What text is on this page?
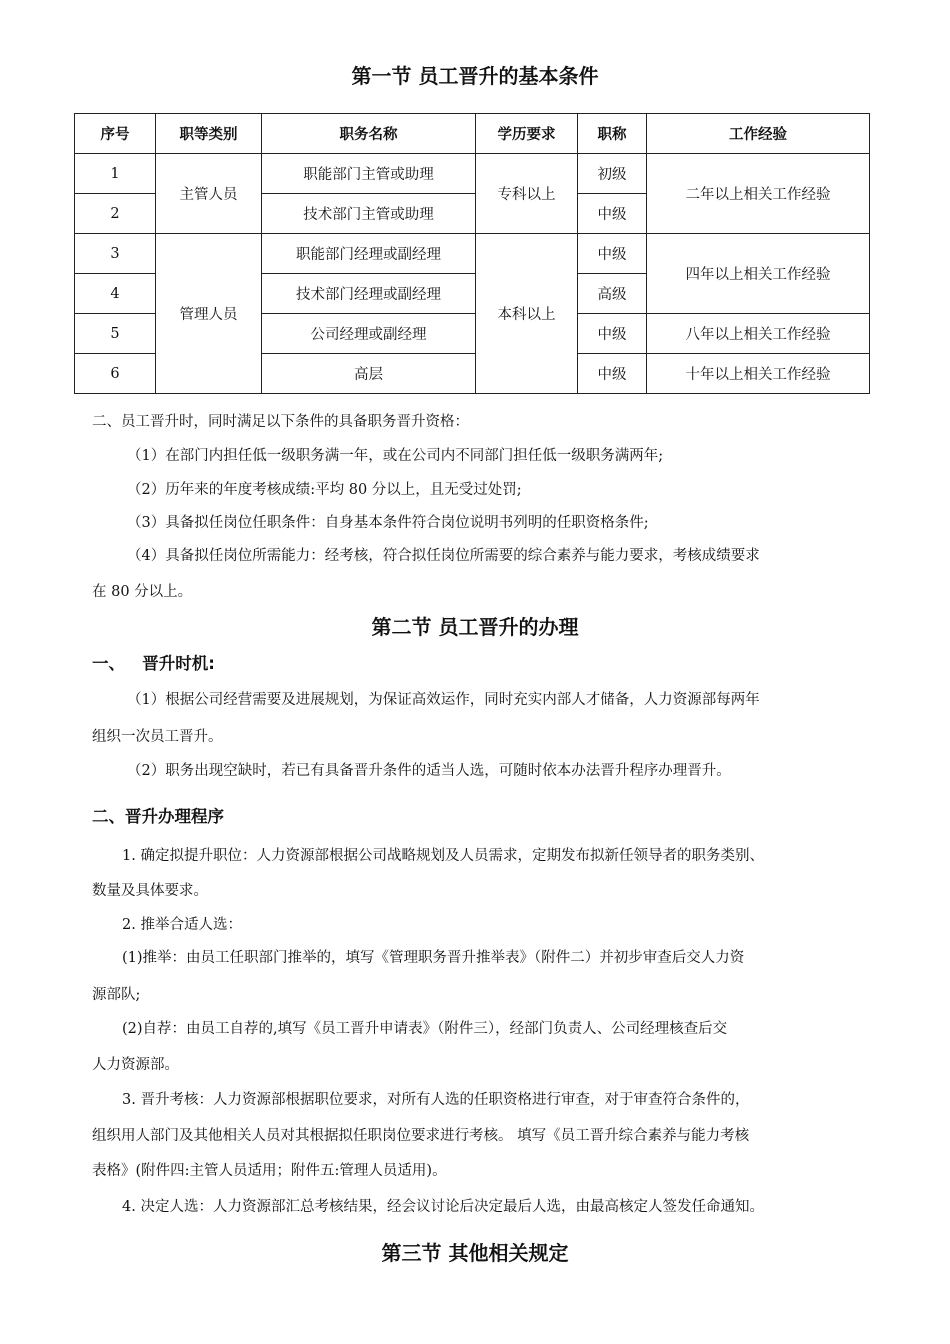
第一节 员工晋升的基本条件
序号	职等类别	职务名称	学历要求	职称	工作经验
1	主管人员	职能部门主管或助理	专科以上	初级	二年以上相关工作经验
2		技术部门主管或助理		中级	
3	管理人员	职能部门经理或副经理	本科以上	中级	四年以上相关工作经验
4		技术部门经理或副经理		高级	
5		公司经理或副经理		中级	八年以上相关工作经验
6		高层		中级	十年以上相关工作经验
二、员工晋升时，同时满足以下条件的具备职务晋升资格：
（1）在部门内担任低一级职务满一年，或在公司内不同部门担任低一级职务满两年;
（2）历年来的年度考核成绩:平均 80 分以上，且无受过处罚;
（3）具备拟任岗位任职条件：自身基本条件符合岗位说明书列明的任职资格条件;
（4）具备拟任岗位所需能力：经考核，符合拟任岗位所需要的综合素养与能力要求，考核成绩要求
在 80 分以上。
第二节 员工晋升的办理
一、   晋升时机:
（1）根据公司经营需要及进展规划，为保证高效运作，同时充实内部人才储备，人力资源部每两年
组织一次员工晋升。
（2）职务出现空缺时，若已有具备晋升条件的适当人选，可随时依本办法晋升程序办理晋升。
二、晋升办理程序
1. 确定拟提升职位：人力资源部根据公司战略规划及人员需求，定期发布拟新任领导者的职务类别、
数量及具体要求。
2. 推举合适人选：
(1)推举：由员工任职部门推举的，填写《管理职务晋升推举表》（附件二）并初步审查后交人力资
源部队;
(2)自荐：由员工自荐的,填写《员工晋升申请表》（附件三），经部门负责人、公司经理核查后交
人力资源部。
3. 晋升考核：人力资源部根据职位要求，对所有人选的任职资格进行审查，对于审查符合条件的，
组织用人部门及其他相关人员对其根据拟任职岗位要求进行考核。 填写《员工晋升综合素养与能力考核
表格》(附件四:主管人员适用；附件五:管理人员适用)。
4. 决定人选：人力资源部汇总考核结果，经会议讨论后决定最后人选，由最高核定人签发任命通知。
第三节 其他相关规定
